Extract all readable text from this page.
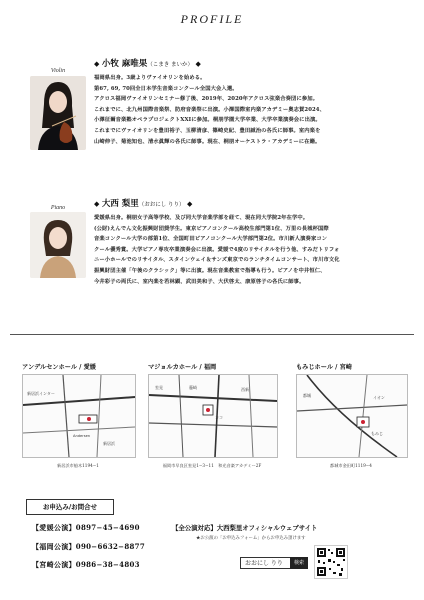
PROFILE
Violin
◆ 小牧 麻唯果（こまき まいか） ◆
福岡県出身。3歳よりヴァイオリンを始める。
第67, 69, 70回全日本学生音楽コンクール全国大会入選。
アクロス福岡ヴァイオリンセミナー修了後、2019年、2020年アクロス弦楽合奏団に参加。
これまでに、北九州国際音楽祭、防府音楽祭に出演。小澤国際室内楽アカデミー奥志賀2024、
小澤征爾音楽塾オペラプロジェクトXXIに参加。桐朋学園大学卒業、大学卒業演奏会に出演。
これまでにヴァイオリンを豊田裕子、玉柳清彦、篠崎史紀、豊田誠治の各氏に師事。室内楽を
山崎伸子、菊池知也、清水眞輝の各氏に師事。現在、桐朋オーケストラ・アカデミーに在籍。
Piano	◆ 大西 梨里（おおにし りり） ◆
愛媛県出身。桐朋女子高等学校、及び同大学音楽学部を経て、現在同大学院2年在学中。
(公財)えんでん文化振興財団奨学生。東京ピアノコンクール高校生部門第1位、万里の長城杯国際
音楽コンクール大学の部第1位、全国町田ピアノコンクール大学部門第2位。市川新人演奏家コン
クール優秀賞。大学ピアノ専攻卒業演奏会に出演。愛媛で4度のリサイタルを行う他、すみだトリフォ
ニー小ホールでのリサイタル、スタインウェイ＆サンズ東京でのランチタイムコンサート、市川市文化
振興財団主催「午後のクラシック」等に出演。現在音楽教室で指導も行う。ピアノを中井恒仁、
今井彩子の両氏に、室内楽を若林顕、武田美和子、大伏啓太、康原啓子の各氏に師事。
アンデルセンホール / 愛媛
新居浜インター
新居浜
Andersen
新居浜市船木1194−1
マジョルカホール / 福岡
室見	藤崎	西新
ココ
福岡市早良区室見1−3−11　和光音楽アカデミー2F
もみじホール / 宮崎
都城	イオン
もみじ
都城市金田町1119−4
お申込み/お問合せ
【愛媛公演】0897−45−4690
【福岡公演】090−6632−8877
【宮崎公演】0986−38−4803
【全公演対応】大西梨里オフィシャルウェブサイト
★お公演の「お申込みフォーム」からお申込み頂けます
おおにし りり	検索
